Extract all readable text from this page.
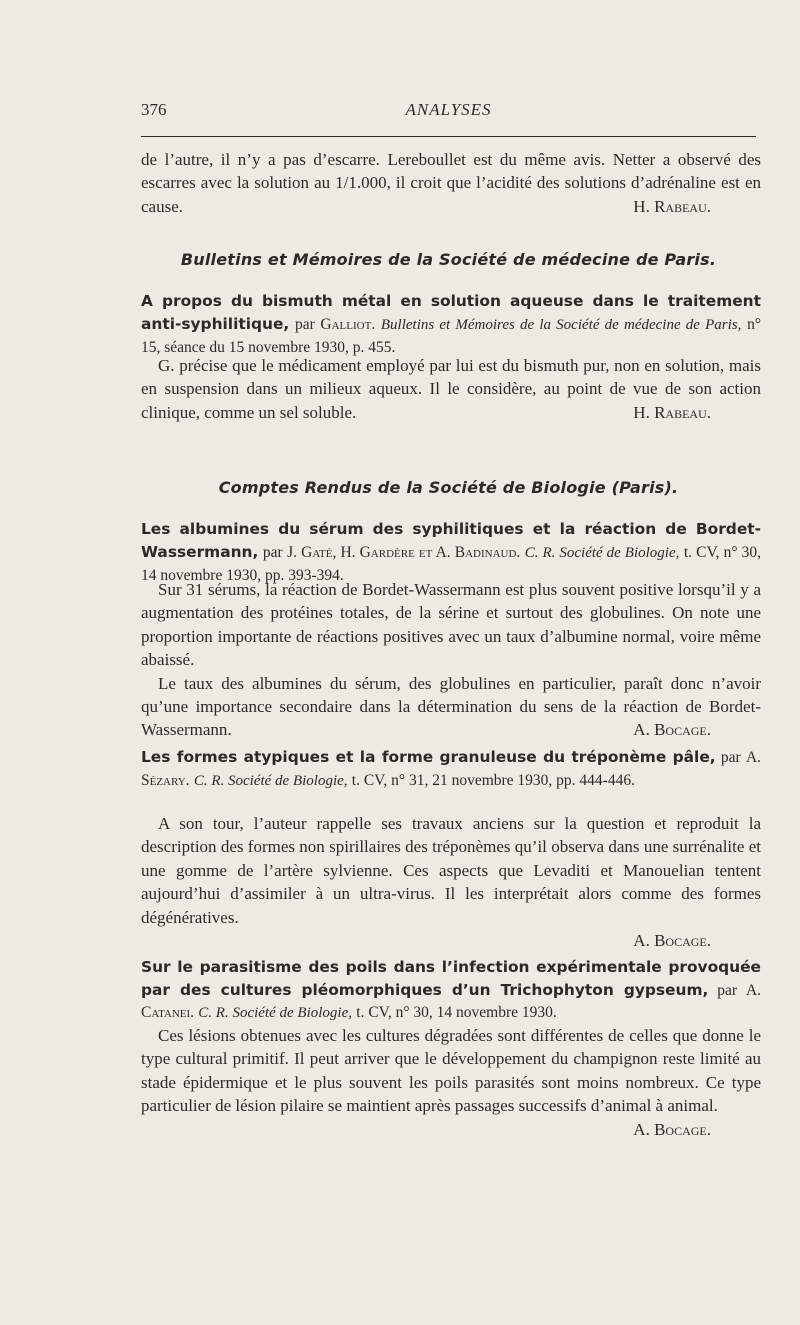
376	ANALYSES

de l’autre, il n’y a pas d’escarre. Lereboullet est du même avis. Netter a observé des escarres avec la solution au 1/1.000, il croit que l’acidité des solutions d’adrénaline est en cause.	H. Rabeau.

Bulletins et Mémoires de la Société de médecine de Paris.

A propos du bismuth métal en solution aqueuse dans le traitement anti-syphilitique, par Galliot. Bulletins et Mémoires de la Société de médecine de Paris, n° 15, séance du 15 novembre 1930, p. 455.

G. précise que le médicament employé par lui est du bismuth pur, non en solution, mais en suspension dans un milieux aqueux. Il le considère, au point de vue de son action clinique, comme un sel soluble.	H. Rabeau.

Comptes Rendus de la Société de Biologie (Paris).

Les albumines du sérum des syphilitiques et la réaction de Bordet-Wassermann, par J. Gaté, H. Gardère et A. Badinaud. C. R. Société de Biologie, t. CV, n° 30, 14 novembre 1930, pp. 393-394.

Sur 31 sérums, la réaction de Bordet-Wassermann est plus souvent positive lorsqu’il y a augmentation des protéines totales, de la sérine et surtout des globulines. On note une proportion importante de réactions positives avec un taux d’albumine normal, voire même abaissé.

Le taux des albumines du sérum, des globulines en particulier, paraît donc n’avoir qu’une importance secondaire dans la détermination du sens de la réaction de Bordet-Wassermann.	A. Bocage.

Les formes atypiques et la forme granuleuse du tréponème pâle, par A. Sézary. C. R. Société de Biologie, t. CV, n° 31, 21 novembre 1930, pp. 444-446.

A son tour, l’auteur rappelle ses travaux anciens sur la question et reproduit la description des formes non spirillaires des tréponèmes qu’il observa dans une surrénalite et une gomme de l’artère sylvienne. Ces aspects que Levaditi et Manouelian tentent aujourd’hui d’assimiler à un ultra-virus. Il les interprétait alors comme des formes dégénératives.

A. Bocage.

Sur le parasitisme des poils dans l’infection expérimentale provoquée par des cultures pléomorphiques d’un Trichophyton gypseum, par A. Catanei. C. R. Société de Biologie, t. CV, n° 30, 14 novembre 1930.

Ces lésions obtenues avec les cultures dégradées sont différentes de celles que donne le type cultural primitif. Il peut arriver que le développement du champignon reste limité au stade épidermique et le plus souvent les poils parasités sont moins nombreux. Ce type particulier de lésion pilaire se maintient après passages successifs d’animal à animal.

A. Bocage.
